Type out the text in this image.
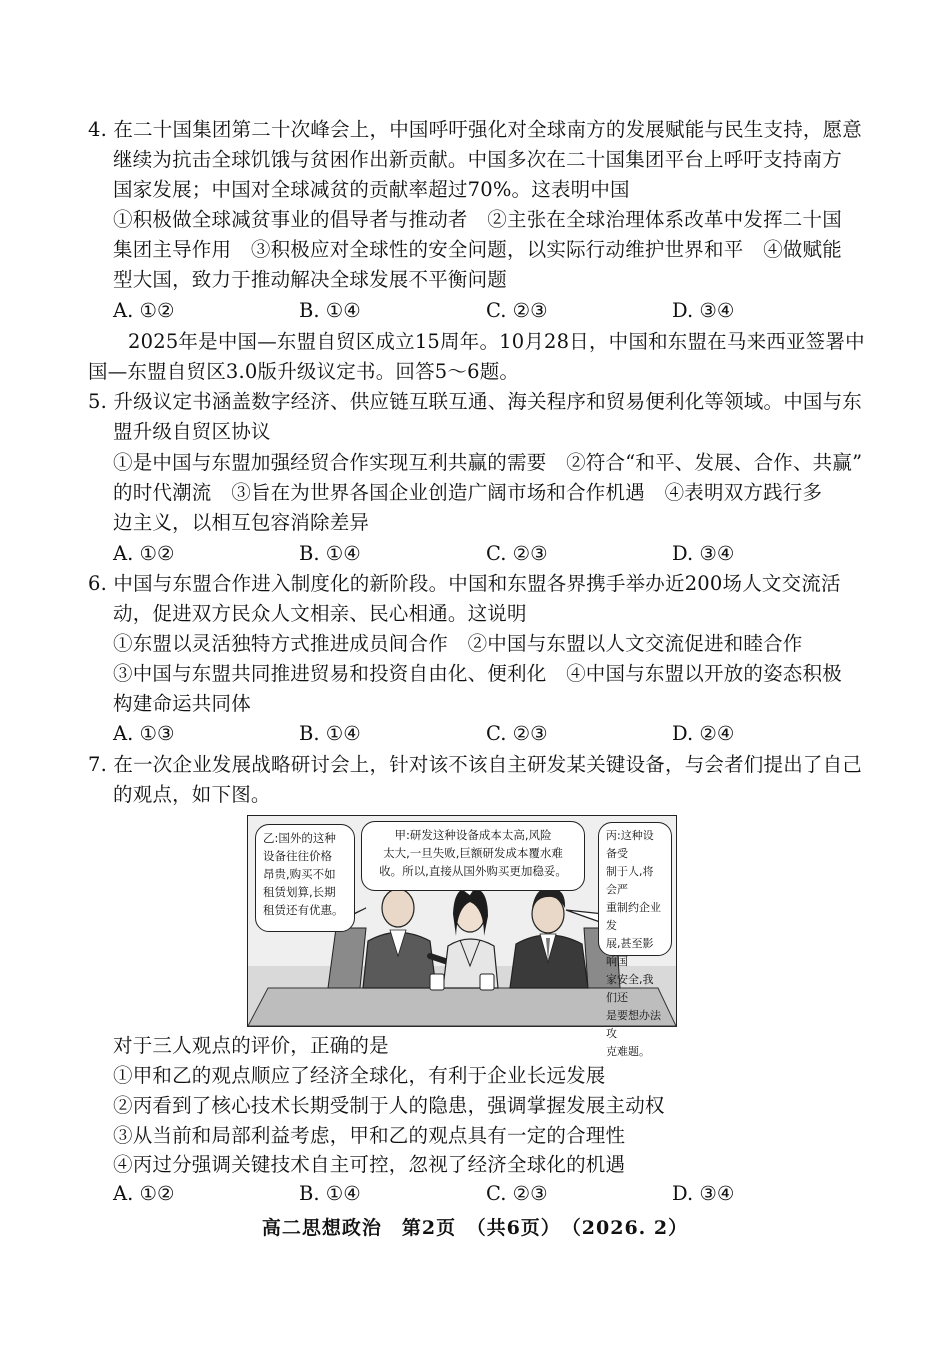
4. 在二十国集团第二十次峰会上，中国呼吁强化对全球南方的发展赋能与民生支持，愿意
继续为抗击全球饥饿与贫困作出新贡献。中国多次在二十国集团平台上呼吁支持南方
国家发展；中国对全球减贫的贡献率超过70%。这表明中国
①积极做全球减贫事业的倡导者与推动者　②主张在全球治理体系改革中发挥二十国
集团主导作用　③积极应对全球性的安全问题，以实际行动维护世界和平　④做赋能
型大国，致力于推动解决全球发展不平衡问题
A. ①②	B. ①④	C. ②③	D. ③④
2025年是中国—东盟自贸区成立15周年。10月28日，中国和东盟在马来西亚签署中
国—东盟自贸区3.0版升级议定书。回答5～6题。
5. 升级议定书涵盖数字经济、供应链互联互通、海关程序和贸易便利化等领域。中国与东
盟升级自贸区协议
①是中国与东盟加强经贸合作实现互利共赢的需要　②符合“和平、发展、合作、共赢”
的时代潮流　③旨在为世界各国企业创造广阔市场和合作机遇　④表明双方践行多
边主义，以相互包容消除差异
A. ①②	B. ①④	C. ②③	D. ③④
6. 中国与东盟合作进入制度化的新阶段。中国和东盟各界携手举办近200场人文交流活
动，促进双方民众人文相亲、民心相通。这说明
①东盟以灵活独特方式推进成员间合作　②中国与东盟以人文交流促进和睦合作
③中国与东盟共同推进贸易和投资自由化、便利化　④中国与东盟以开放的姿态积极
构建命运共同体
A. ①③	B. ①④	C. ②③	D. ②④
7. 在一次企业发展战略研讨会上，针对该不该自主研发某关键设备，与会者们提出了自己
的观点，如下图。
乙:国外的这种
设备往往价格
昂贵,购买不如
租赁划算,长期
租赁还有优惠。
甲:研发这种设备成本太高,风险
太大,一旦失败,巨额研发成本覆水难
收。所以,直接从国外购买更加稳妥。
丙:这种设备受
制于人,将会严
重制约企业发
展,甚至影响国
家安全,我们还
是要想办法攻
克难题。
对于三人观点的评价，正确的是
①甲和乙的观点顺应了经济全球化，有利于企业长远发展
②丙看到了核心技术长期受制于人的隐患，强调掌握发展主动权
③从当前和局部利益考虑，甲和乙的观点具有一定的合理性
④丙过分强调关键技术自主可控，忽视了经济全球化的机遇
A. ①②	B. ①④	C. ②③	D. ③④
高二思想政治　第2页　（共6页）　（2026. 2）
